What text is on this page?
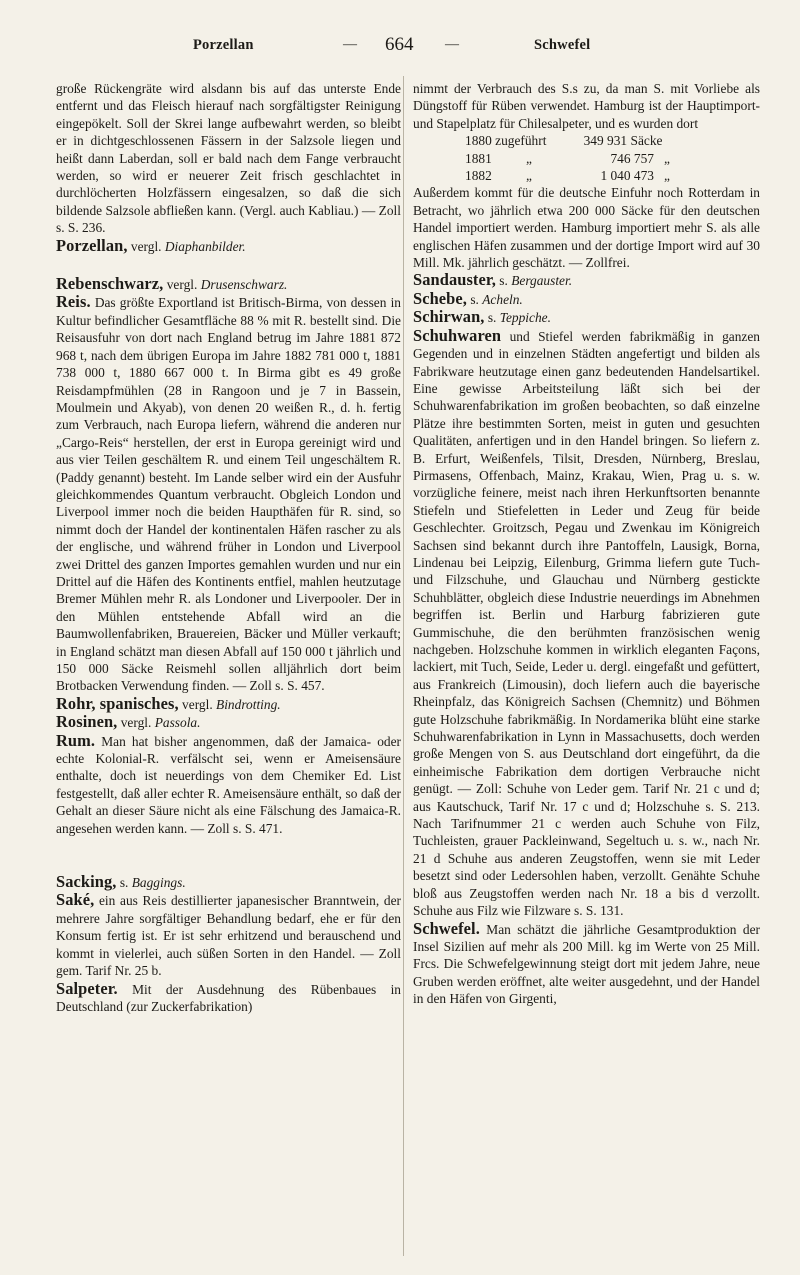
Porzellan	— 664 —	Schwefel

große Rückengräte wird alsdann bis auf das unterste Ende entfernt und das Fleisch hierauf nach sorgfältigster Reinigung eingepökelt. Soll der Skrei lange aufbewahrt werden, so bleibt er in dichtgeschlossenen Fässern in der Salzsole liegen und heißt dann Laberdan, soll er bald nach dem Fange verbraucht werden, so wird er neuerer Zeit frisch geschlachtet in durchlöcherten Holzfässern eingesalzen, so daß die sich bildende Salzsole abfließen kann. (Vergl. auch Kabliau.) — Zoll s. S. 236.

Porzellan, vergl. Diaphanbilder.

Rebenschwarz, vergl. Drusenschwarz.

Reis. Das größte Exportland ist Britisch-Birma, von dessen in Kultur befindlicher Gesamtfläche 88 % mit R. bestellt sind. Die Reisausfuhr von dort nach England betrug im Jahre 1881 872 968 t, nach dem übrigen Europa im Jahre 1882 781 000 t, 1881 738 000 t, 1880 667 000 t. In Birma gibt es 49 große Reisdampfmühlen (28 in Rangoon und je 7 in Bassein, Moulmein und Akyab), von denen 20 weißen R., d. h. fertig zum Verbrauch, nach Europa liefern, während die anderen nur „Cargo-Reis“ herstellen, der erst in Europa gereinigt wird und aus vier Teilen geschältem R. und einem Teil ungeschältem R. (Paddy genannt) besteht. Im Lande selber wird ein der Ausfuhr gleichkommendes Quantum verbraucht. Obgleich London und Liverpool immer noch die beiden Haupthäfen für R. sind, so nimmt doch der Handel der kontinentalen Häfen rascher zu als der englische, und während früher in London und Liverpool zwei Drittel des ganzen Importes gemahlen wurden und nur ein Drittel auf die Häfen des Kontinents entfiel, mahlen heutzutage Bremer Mühlen mehr R. als Londoner und Liverpooler. Der in den Mühlen entstehende Abfall wird an die Baumwollenfabriken, Brauereien, Bäcker und Müller verkauft; in England schätzt man diesen Abfall auf 150 000 t jährlich und 150 000 Säcke Reismehl sollen alljährlich dort beim Brotbacken Verwendung finden. — Zoll s. S. 457.

Rohr, spanisches, vergl. Bindrotting.

Rosinen, vergl. Passola.

Rum. Man hat bisher angenommen, daß der Jamaica- oder echte Kolonial-R. verfälscht sei, wenn er Ameisensäure enthalte, doch ist neuerdings von dem Chemiker Ed. List festgestellt, daß aller echter R. Ameisensäure enthält, so daß der Gehalt an dieser Säure nicht als eine Fälschung des Jamaica-R. angesehen werden kann. — Zoll s. S. 471.

Sacking, s. Baggings.

Saké, ein aus Reis destillierter japanesischer Branntwein, der mehrere Jahre sorgfältiger Behandlung bedarf, ehe er für den Konsum fertig ist. Er ist sehr erhitzend und berauschend und kommt in vielerlei, auch süßen Sorten in den Handel. — Zoll gem. Tarif Nr. 25 b.

Salpeter. Mit der Ausdehnung des Rübenbaues in Deutschland (zur Zuckerfabrikation)

nimmt der Verbrauch des S.s zu, da man S. mit Vorliebe als Düngstoff für Rüben verwendet. Hamburg ist der Hauptimport- und Stapelplatz für Chilesalpeter, und es wurden dort

1880 zugeführt	349 931 Säcke

1881	„	746 757 „

1882	„	1 040 473 „

Außerdem kommt für die deutsche Einfuhr noch Rotterdam in Betracht, wo jährlich etwa 200 000 Säcke für den deutschen Handel importiert werden. Hamburg importiert mehr S. als alle englischen Häfen zusammen und der dortige Import wird auf 30 Mill. Mk. jährlich geschätzt. — Zollfrei.

Sandauster, s. Bergauster.

Schebe, s. Acheln.

Schirwan, s. Teppiche.

Schuhwaren und Stiefel werden fabrikmäßig in ganzen Gegenden und in einzelnen Städten angefertigt und bilden als Fabrikware heutzutage einen ganz bedeutenden Handelsartikel. Eine gewisse Arbeitsteilung läßt sich bei der Schuhwarenfabrikation im großen beobachten, so daß einzelne Plätze ihre bestimmten Sorten, meist in guten und gesuchten Qualitäten, anfertigen und in den Handel bringen. So liefern z. B. Erfurt, Weißenfels, Tilsit, Dresden, Nürnberg, Breslau, Pirmasens, Offenbach, Mainz, Krakau, Wien, Prag u. s. w. vorzügliche feinere, meist nach ihren Herkunftsorten benannte Stiefeln und Stiefeletten in Leder und Zeug für beide Geschlechter. Groitzsch, Pegau und Zwenkau im Königreich Sachsen sind bekannt durch ihre Pantoffeln, Lausigk, Borna, Lindenau bei Leipzig, Eilenburg, Grimma liefern gute Tuch- und Filzschuhe, und Glauchau und Nürnberg gestickte Schuhblätter, obgleich diese Industrie neuerdings im Abnehmen begriffen ist. Berlin und Harburg fabrizieren gute Gummischuhe, die den berühmten französischen wenig nachgeben. Holzschuhe kommen in wirklich eleganten Façons, lackiert, mit Tuch, Seide, Leder u. dergl. eingefaßt und gefüttert, aus Frankreich (Limousin), doch liefern auch die bayerische Rheinpfalz, das Königreich Sachsen (Chemnitz) und Böhmen gute Holzschuhe fabrikmäßig. In Nordamerika blüht eine starke Schuhwarenfabrikation in Lynn in Massachusetts, doch werden große Mengen von S. aus Deutschland dort eingeführt, da die einheimische Fabrikation dem dortigen Verbrauche nicht genügt. — Zoll: Schuhe von Leder gem. Tarif Nr. 21 c und d; aus Kautschuck, Tarif Nr. 17 c und d; Holzschuhe s. S. 213. Nach Tarifnummer 21 c werden auch Schuhe von Filz, Tuchleisten, grauer Packleinwand, Segeltuch u. s. w., nach Nr. 21 d Schuhe aus anderen Zeugstoffen, wenn sie mit Leder besetzt sind oder Ledersohlen haben, verzollt. Genähte Schuhe bloß aus Zeugstoffen werden nach Nr. 18 a bis d verzollt. Schuhe aus Filz wie Filzware s. S. 131.

Schwefel. Man schätzt die jährliche Gesamtproduktion der Insel Sizilien auf mehr als 200 Mill. kg im Werte von 25 Mill. Frcs. Die Schwefelgewinnung steigt dort mit jedem Jahre, neue Gruben werden eröffnet, alte weiter ausgedehnt, und der Handel in den Häfen von Girgenti,
